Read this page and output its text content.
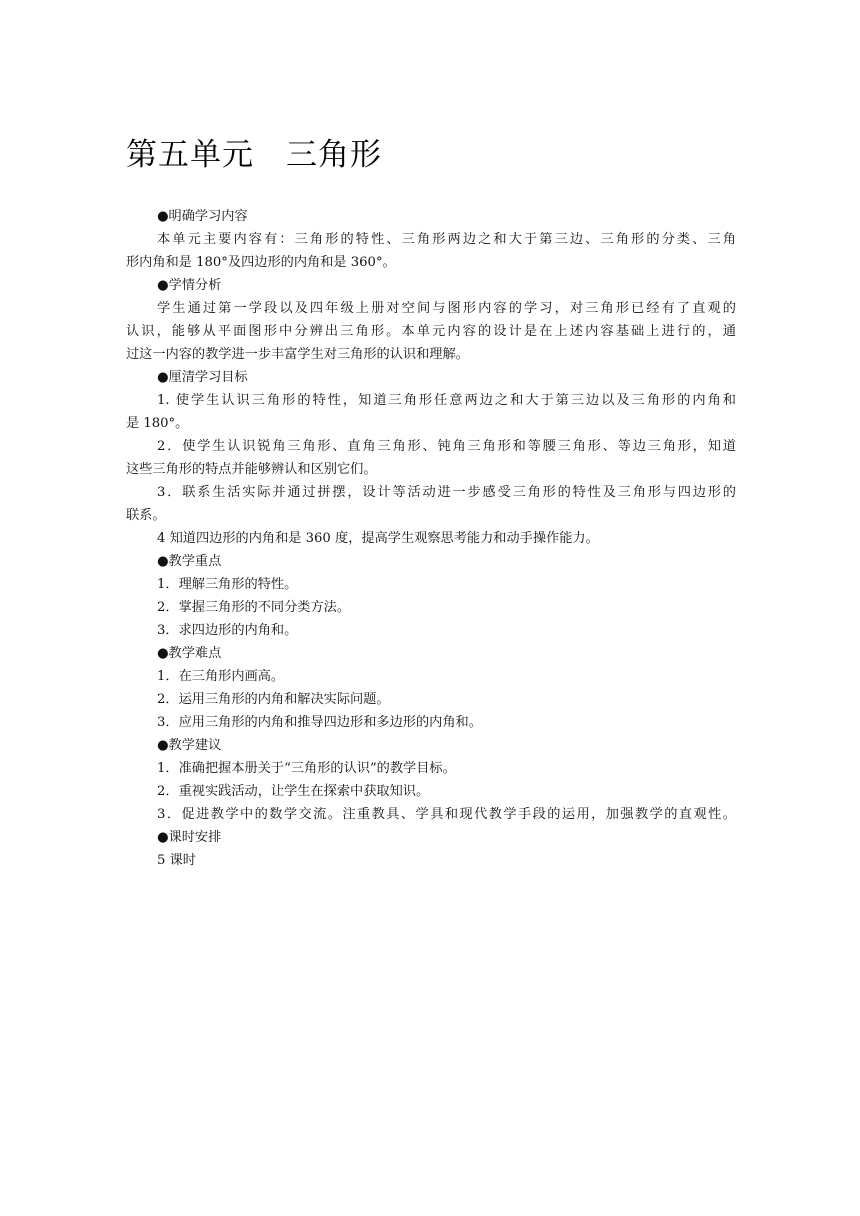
第五单元　三角形
●明确学习内容
本单元主要内容有：三角形的特性、三角形两边之和大于第三边、三角形的分类、三角
形内角和是 180°及四边形的内角和是 360°。
●学情分析
学生通过第一学段以及四年级上册对空间与图形内容的学习，对三角形已经有了直观的
认识，能够从平面图形中分辨出三角形。本单元内容的设计是在上述内容基础上进行的，通
过这一内容的教学进一步丰富学生对三角形的认识和理解。
●厘清学习目标
1. 使学生认识三角形的特性，知道三角形任意两边之和大于第三边以及三角形的内角和
是 180°。
2．使学生认识锐角三角形、直角三角形、钝角三角形和等腰三角形、等边三角形，知道
这些三角形的特点并能够辨认和区别它们。
3．联系生活实际并通过拼摆，设计等活动进一步感受三角形的特性及三角形与四边形的
联系。
4 知道四边形的内角和是 360 度，提高学生观察思考能力和动手操作能力。
●教学重点
1．理解三角形的特性。
2．掌握三角形的不同分类方法。
3．求四边形的内角和。
●教学难点
1．在三角形内画高。
2．运用三角形的内角和解决实际问题。
3．应用三角形的内角和推导四边形和多边形的内角和。
●教学建议
1．准确把握本册关于“三角形的认识”的教学目标。
2．重视实践活动，让学生在探索中获取知识。
3．促进教学中的数学交流。注重教具、学具和现代教学手段的运用，加强教学的直观性。
●课时安排
5 课时
